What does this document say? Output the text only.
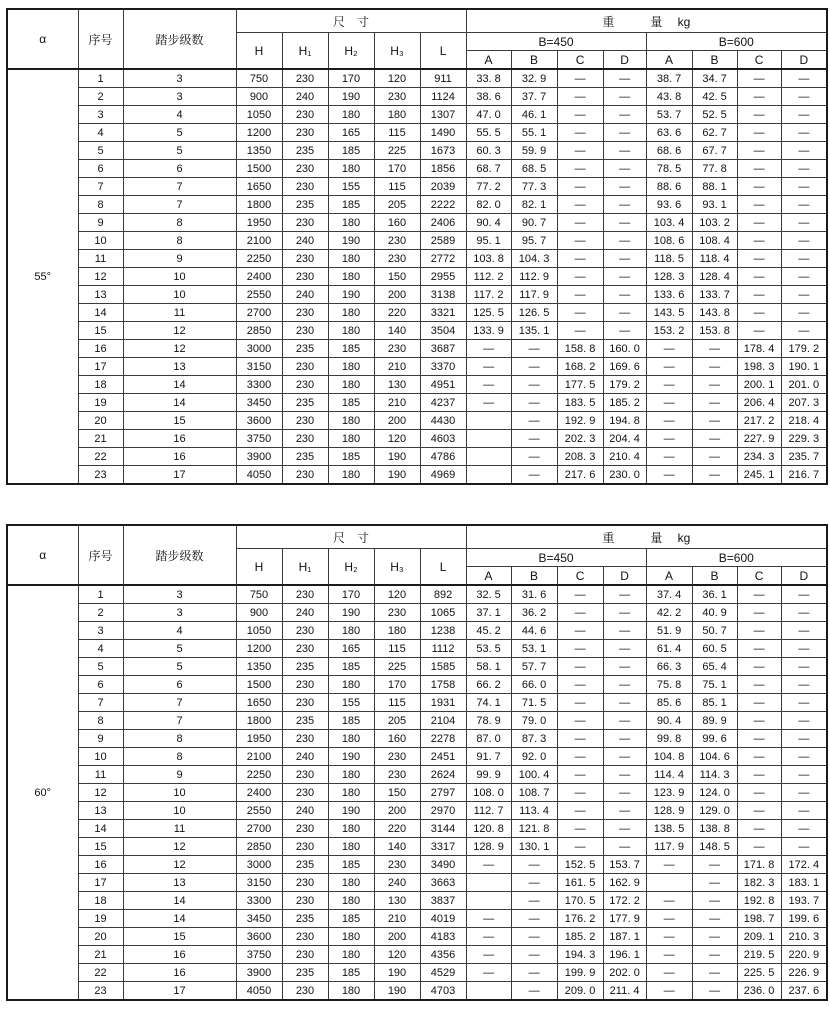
α	序号	踏步级数	尺　寸					重　　　量　 kg							
			H	H₁	H₂	H₃	L	B=450				B=600			
								A	B	C	D	A	B	C	D
55°	1	3	750	230	170	120	911	33. 8	32. 9	—	—	38. 7	34. 7	—	—
	2	3	900	240	190	230	1124	38. 6	37. 7	—	—	43. 8	42. 5	—	—
	3	4	1050	230	180	180	1307	47. 0	46. 1	—	—	53. 7	52. 5	—	—
	4	5	1200	230	165	115	1490	55. 5	55. 1	—	—	63. 6	62. 7	—	—
	5	5	1350	235	185	225	1673	60. 3	59. 9	—	—	68. 6	67. 7	—	—
	6	6	1500	230	180	170	1856	68. 7	68. 5	—	—	78. 5	77. 8	—	—
	7	7	1650	230	155	115	2039	77. 2	77. 3	—	—	88. 6	88. 1	—	—
	8	7	1800	235	185	205	2222	82. 0	82. 1	—	—	93. 6	93. 1	—	—
	9	8	1950	230	180	160	2406	90. 4	90. 7	—	—	103. 4	103. 2	—	—
	10	8	2100	240	190	230	2589	95. 1	95. 7	—	—	108. 6	108. 4	—	—
	11	9	2250	230	180	230	2772	103. 8	104. 3	—	—	118. 5	118. 4	—	—
	12	10	2400	230	180	150	2955	112. 2	112. 9	—	—	128. 3	128. 4	—	—
	13	10	2550	240	190	200	3138	117. 2	117. 9	—	—	133. 6	133. 7	—	—
	14	11	2700	230	180	220	3321	125. 5	126. 5	—	—	143. 5	143. 8	—	—
	15	12	2850	230	180	140	3504	133. 9	135. 1	—	—	153. 2	153. 8	—	—
	16	12	3000	235	185	230	3687	—	—	158. 8	160. 0	—	—	178. 4	179. 2
	17	13	3150	230	180	210	3370	—	—	168. 2	169. 6	—	—	198. 3	190. 1
	18	14	3300	230	180	130	4951	—	—	177. 5	179. 2	—	—	200. 1	201. 0
	19	14	3450	235	185	210	4237	—	—	183. 5	185. 2	—	—	206. 4	207. 3
	20	15	3600	230	180	200	4430		—	192. 9	194. 8	—	—	217. 2	218. 4
	21	16	3750	230	180	120	4603		—	202. 3	204. 4	—	—	227. 9	229. 3
	22	16	3900	235	185	190	4786		—	208. 3	210. 4	—	—	234. 3	235. 7
	23	17	4050	230	180	190	4969		—	217. 6	230. 0	—	—	245. 1	216. 7
α	序号	踏步级数	尺　寸					重　　　量　 kg							
			H	H₁	H₂	H₃	L	B=450				B=600			
								A	B	C	D	A	B	C	D
60°	1	3	750	230	170	120	892	32. 5	31. 6	—	—	37. 4	36. 1	—	—
	2	3	900	240	190	230	1065	37. 1	36. 2	—	—	42. 2	40. 9	—	—
	3	4	1050	230	180	180	1238	45. 2	44. 6	—	—	51. 9	50. 7	—	—
	4	5	1200	230	165	115	1112	53. 5	53. 1	—	—	61. 4	60. 5	—	—
	5	5	1350	235	185	225	1585	58. 1	57. 7	—	—	66. 3	65. 4	—	—
	6	6	1500	230	180	170	1758	66. 2	66. 0	—	—	75. 8	75. 1	—	—
	7	7	1650	230	155	115	1931	74. 1	71. 5	—	—	85. 6	85. 1	—	—
	8	7	1800	235	185	205	2104	78. 9	79. 0	—	—	90. 4	89. 9	—	—
	9	8	1950	230	180	160	2278	87. 0	87. 3	—	—	99. 8	99. 6	—	—
	10	8	2100	240	190	230	2451	91. 7	92. 0	—	—	104. 8	104. 6	—	—
	11	9	2250	230	180	230	2624	99. 9	100. 4	—	—	114. 4	114. 3	—	—
	12	10	2400	230	180	150	2797	108. 0	108. 7	—	—	123. 9	124. 0	—	—
	13	10	2550	240	190	200	2970	112. 7	113. 4	—	—	128. 9	129. 0	—	—
	14	11	2700	230	180	220	3144	120. 8	121. 8	—	—	138. 5	138. 8	—	—
	15	12	2850	230	180	140	3317	128. 9	130. 1	—	—	117. 9	148. 5	—	—
	16	12	3000	235	185	230	3490	—	—	152. 5	153. 7	—	—	171. 8	172. 4
	17	13	3150	230	180	240	3663		—	161. 5	162. 9		—	182. 3	183. 1
	18	14	3300	230	180	130	3837		—	170. 5	172. 2	—	—	192. 8	193. 7
	19	14	3450	235	185	210	4019	—	—	176. 2	177. 9	—	—	198. 7	199. 6
	20	15	3600	230	180	200	4183	—	—	185. 2	187. 1	—	—	209. 1	210. 3
	21	16	3750	230	180	120	4356	—	—	194. 3	196. 1	—	—	219. 5	220. 9
	22	16	3900	235	185	190	4529	—	—	199. 9	202. 0	—	—	225. 5	226. 9
	23	17	4050	230	180	190	4703		—	209. 0	211. 4	—	—	236. 0	237. 6
